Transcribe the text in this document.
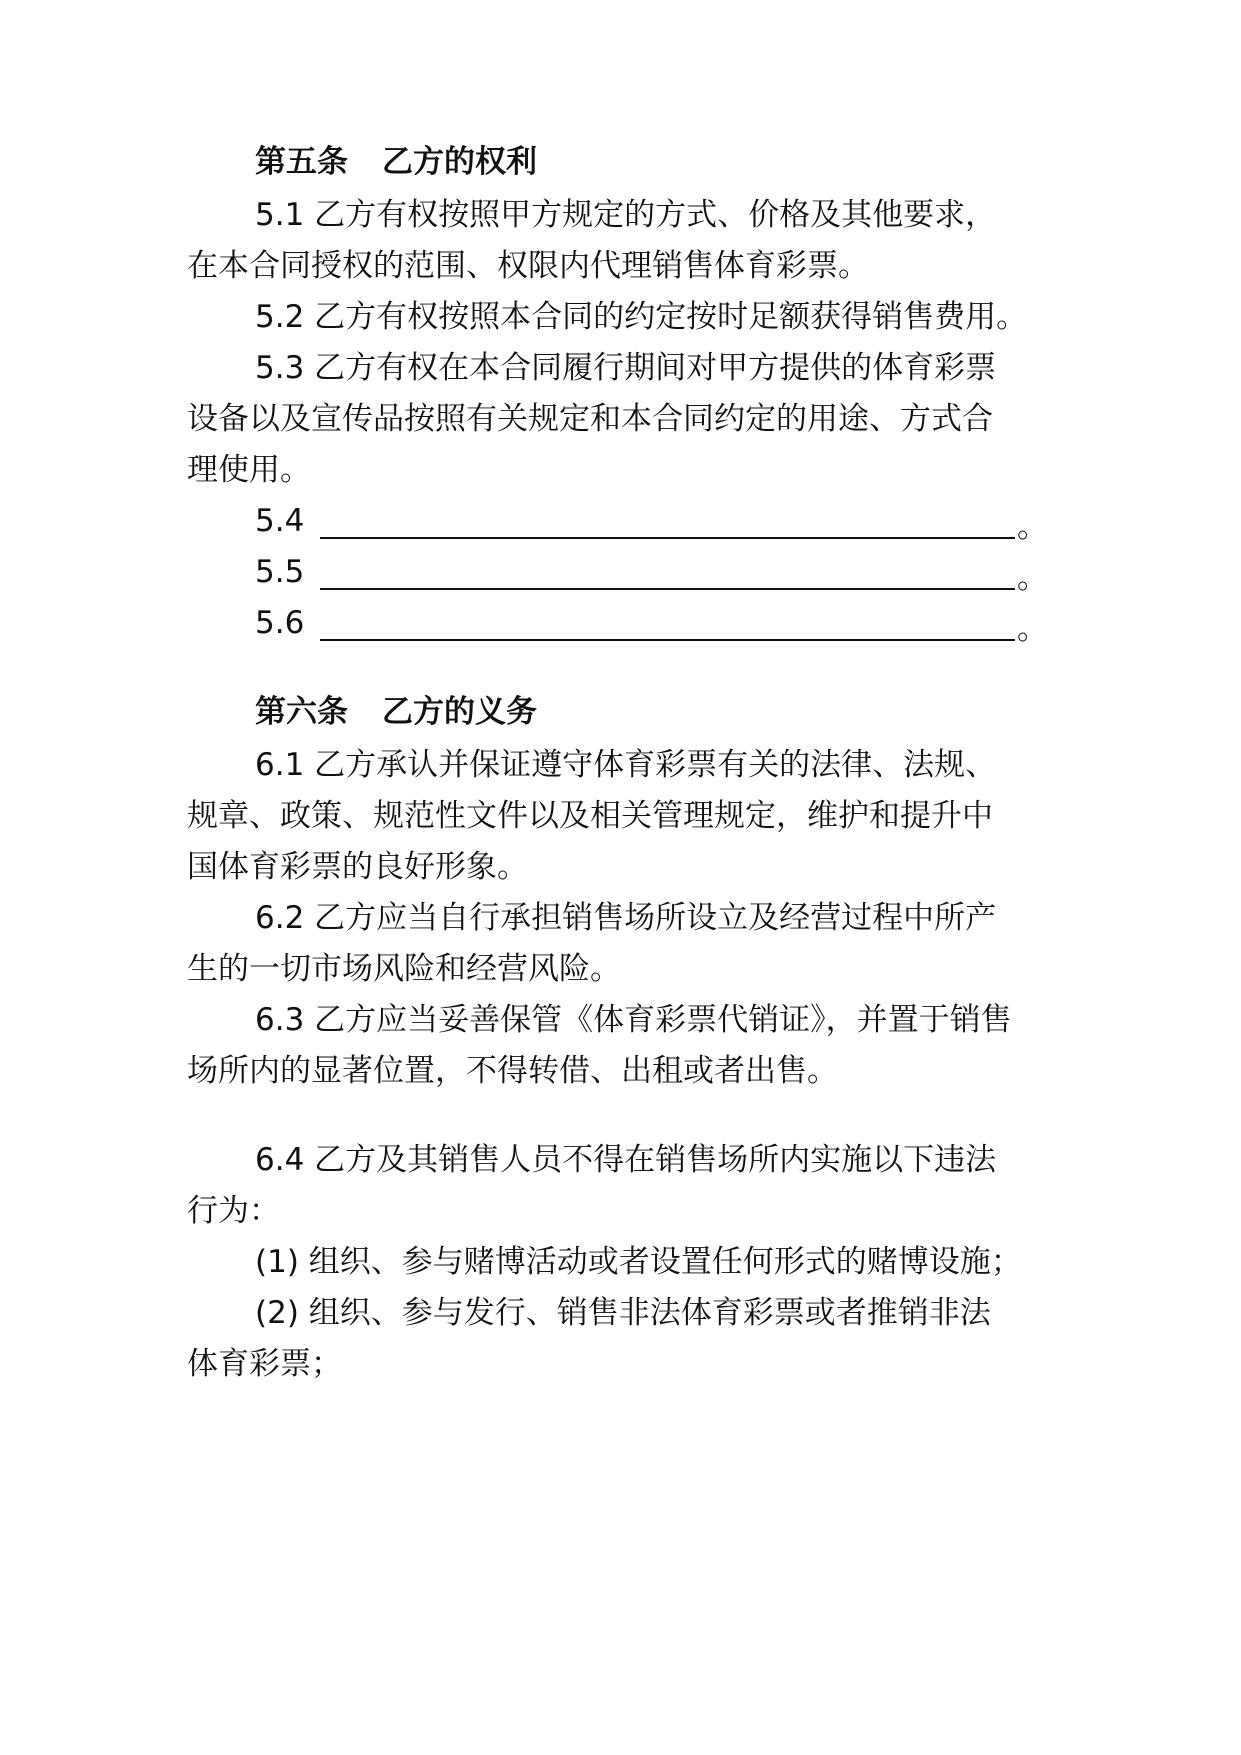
第五条 乙方的权利
5.1 乙方有权按照甲方规定的方式、价格及其他要求，
在本合同授权的范围、权限内代理销售体育彩票。
5.2 乙方有权按照本合同的约定按时足额获得销售费用。
5.3 乙方有权在本合同履行期间对甲方提供的体育彩票
设备以及宣传品按照有关规定和本合同约定的用途、方式合
理使用。
5.4	。
5.5	。
5.6	。
第六条 乙方的义务
6.1 乙方承认并保证遵守体育彩票有关的法律、法规、
规章、政策、规范性文件以及相关管理规定，维护和提升中
国体育彩票的良好形象。
6.2 乙方应当自行承担销售场所设立及经营过程中所产
生的一切市场风险和经营风险。
6.3 乙方应当妥善保管《体育彩票代销证》，并置于销售
场所内的显著位置，不得转借、出租或者出售。
6.4 乙方及其销售人员不得在销售场所内实施以下违法
行为：
(1) 组织、参与赌博活动或者设置任何形式的赌博设施；
(2) 组织、参与发行、销售非法体育彩票或者推销非法
体育彩票；
